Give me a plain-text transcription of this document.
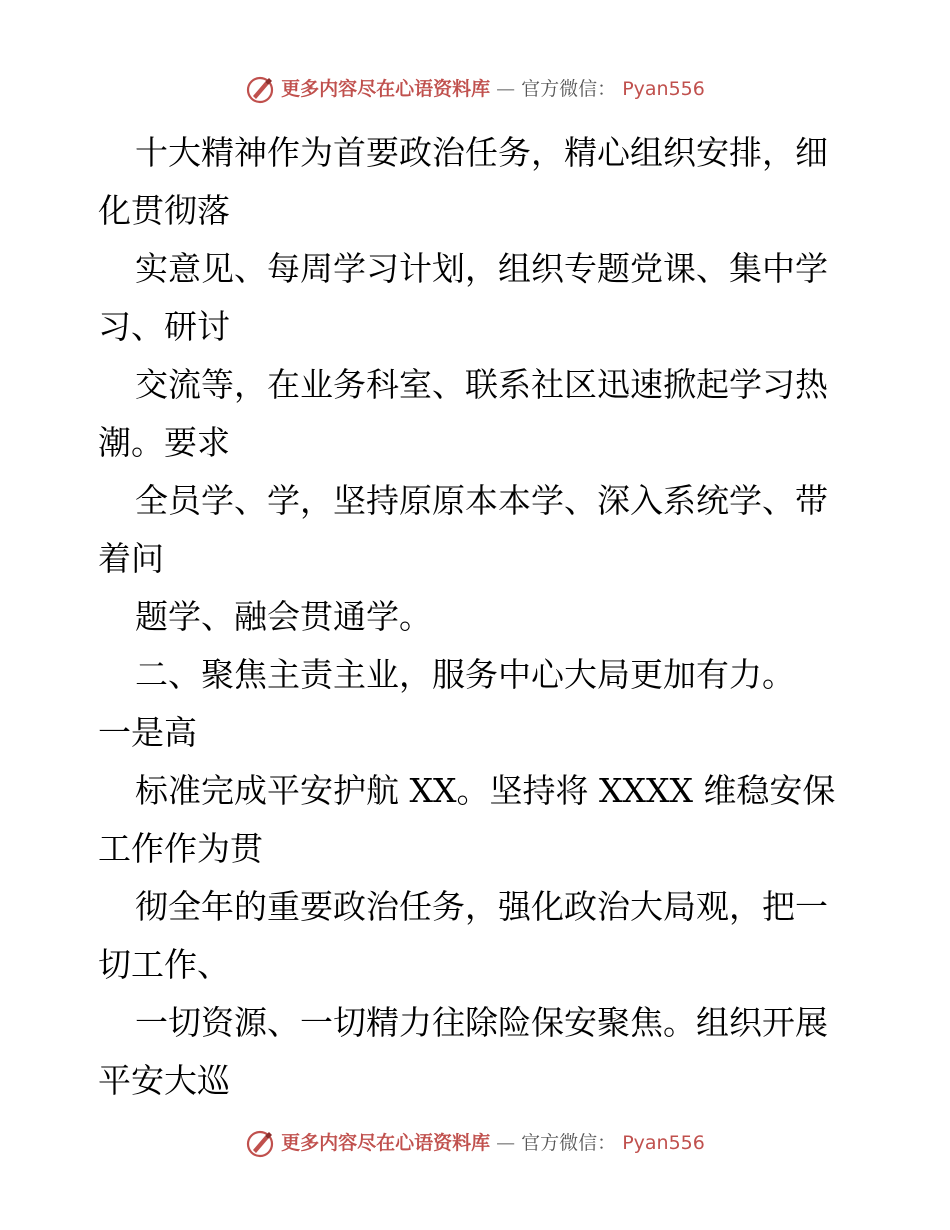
更多内容尽在心语资料库 — 官方微信： Pyan556
十大精神作为首要政治任务，精心组织安排，细
化贯彻落
实意见、每周学习计划，组织专题党课、集中学
习、研讨
交流等，在业务科室、联系社区迅速掀起学习热
潮。要求
全员学、学，坚持原原本本学、深入系统学、带
着问
题学、融会贯通学。
二、聚焦主责主业，服务中心大局更加有力。
一是高
标准完成平安护航 XX。坚持将 XXXX 维稳安保
工作作为贯
彻全年的重要政治任务，强化政治大局观，把一
切工作、
一切资源、一切精力往除险保安聚焦。组织开展
平安大巡
更多内容尽在心语资料库 — 官方微信： Pyan556
